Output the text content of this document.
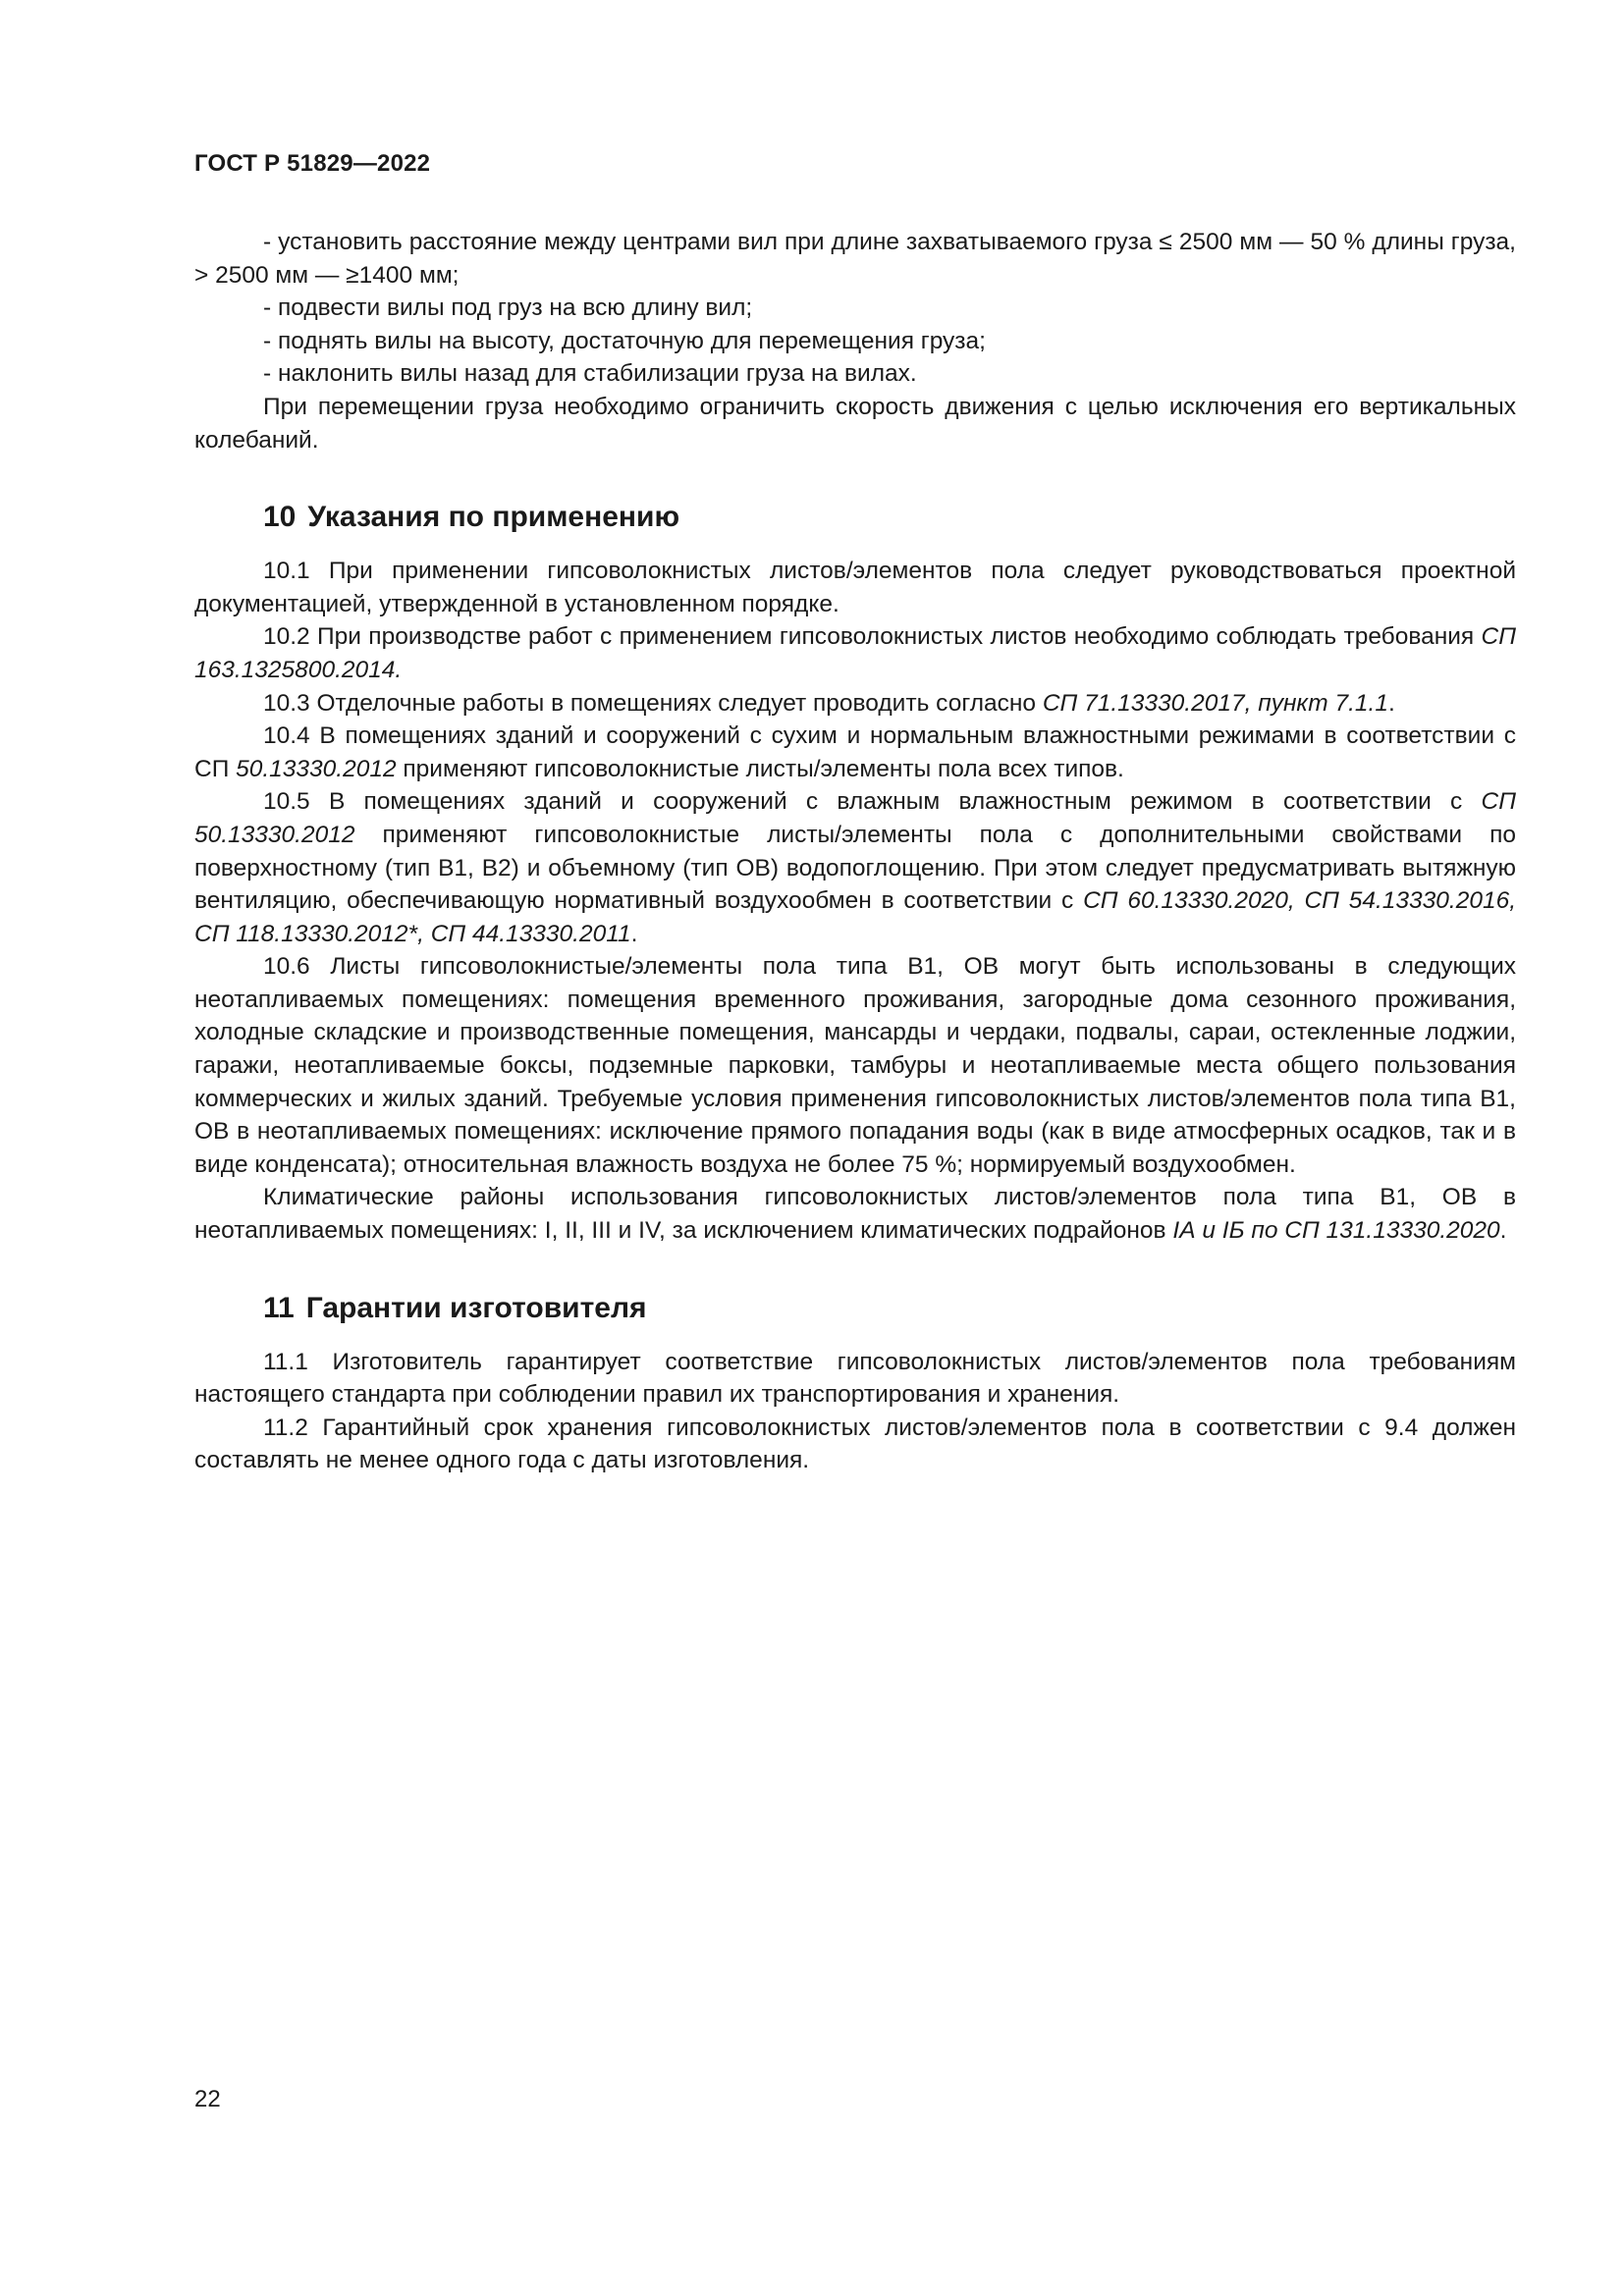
ГОСТ Р 51829—2022

- установить расстояние между центрами вил при длине захватываемого груза ≤ 2500 мм — 50 % длины груза, > 2500 мм — ≥1400 мм;

- подвести вилы под груз на всю длину вил;

- поднять вилы на высоту, достаточную для перемещения груза;

- наклонить вилы назад для стабилизации груза на вилах.

При перемещении груза необходимо ограничить скорость движения с целью исключения его вертикальных колебаний.

10 Указания по применению

10.1 При применении гипсоволокнистых листов/элементов пола следует руководствоваться проектной документацией, утвержденной в установленном порядке.

10.2 При производстве работ с применением гипсоволокнистых листов необходимо соблюдать требования СП 163.1325800.2014.

10.3 Отделочные работы в помещениях следует проводить согласно СП 71.13330.2017, пункт 7.1.1.

10.4 В помещениях зданий и сооружений с сухим и нормальным влажностными режимами в соответствии с СП 50.13330.2012 применяют гипсоволокнистые листы/элементы пола всех типов.

10.5 В помещениях зданий и сооружений с влажным влажностным режимом в соответствии с СП 50.13330.2012 применяют гипсоволокнистые листы/элементы пола с дополнительными свойствами по поверхностному (тип В1, В2) и объемному (тип ОВ) водопоглощению. При этом следует предусматривать вытяжную вентиляцию, обеспечивающую нормативный воздухообмен в соответствии с СП 60.13330.2020, СП 54.13330.2016, СП 118.13330.2012*, СП 44.13330.2011.

10.6 Листы гипсоволокнистые/элементы пола типа В1, ОВ могут быть использованы в следующих неотапливаемых помещениях: помещения временного проживания, загородные дома сезонного проживания, холодные складские и производственные помещения, мансарды и чердаки, подвалы, сараи, остекленные лоджии, гаражи, неотапливаемые боксы, подземные парковки, тамбуры и неотапливаемые места общего пользования коммерческих и жилых зданий. Требуемые условия применения гипсоволокнистых листов/элементов пола типа В1, ОВ в неотапливаемых помещениях: исключение прямого попадания воды (как в виде атмосферных осадков, так и в виде конденсата); относительная влажность воздуха не более 75 %; нормируемый воздухообмен.

Климатические районы использования гипсоволокнистых листов/элементов пола типа В1, ОВ в неотапливаемых помещениях: I, II, III и IV, за исключением климатических подрайонов IА и IБ по СП 131.13330.2020.

11 Гарантии изготовителя

11.1 Изготовитель гарантирует соответствие гипсоволокнистых листов/элементов пола требованиям настоящего стандарта при соблюдении правил их транспортирования и хранения.

11.2 Гарантийный срок хранения гипсоволокнистых листов/элементов пола в соответствии с 9.4 должен составлять не менее одного года с даты изготовления.

22
